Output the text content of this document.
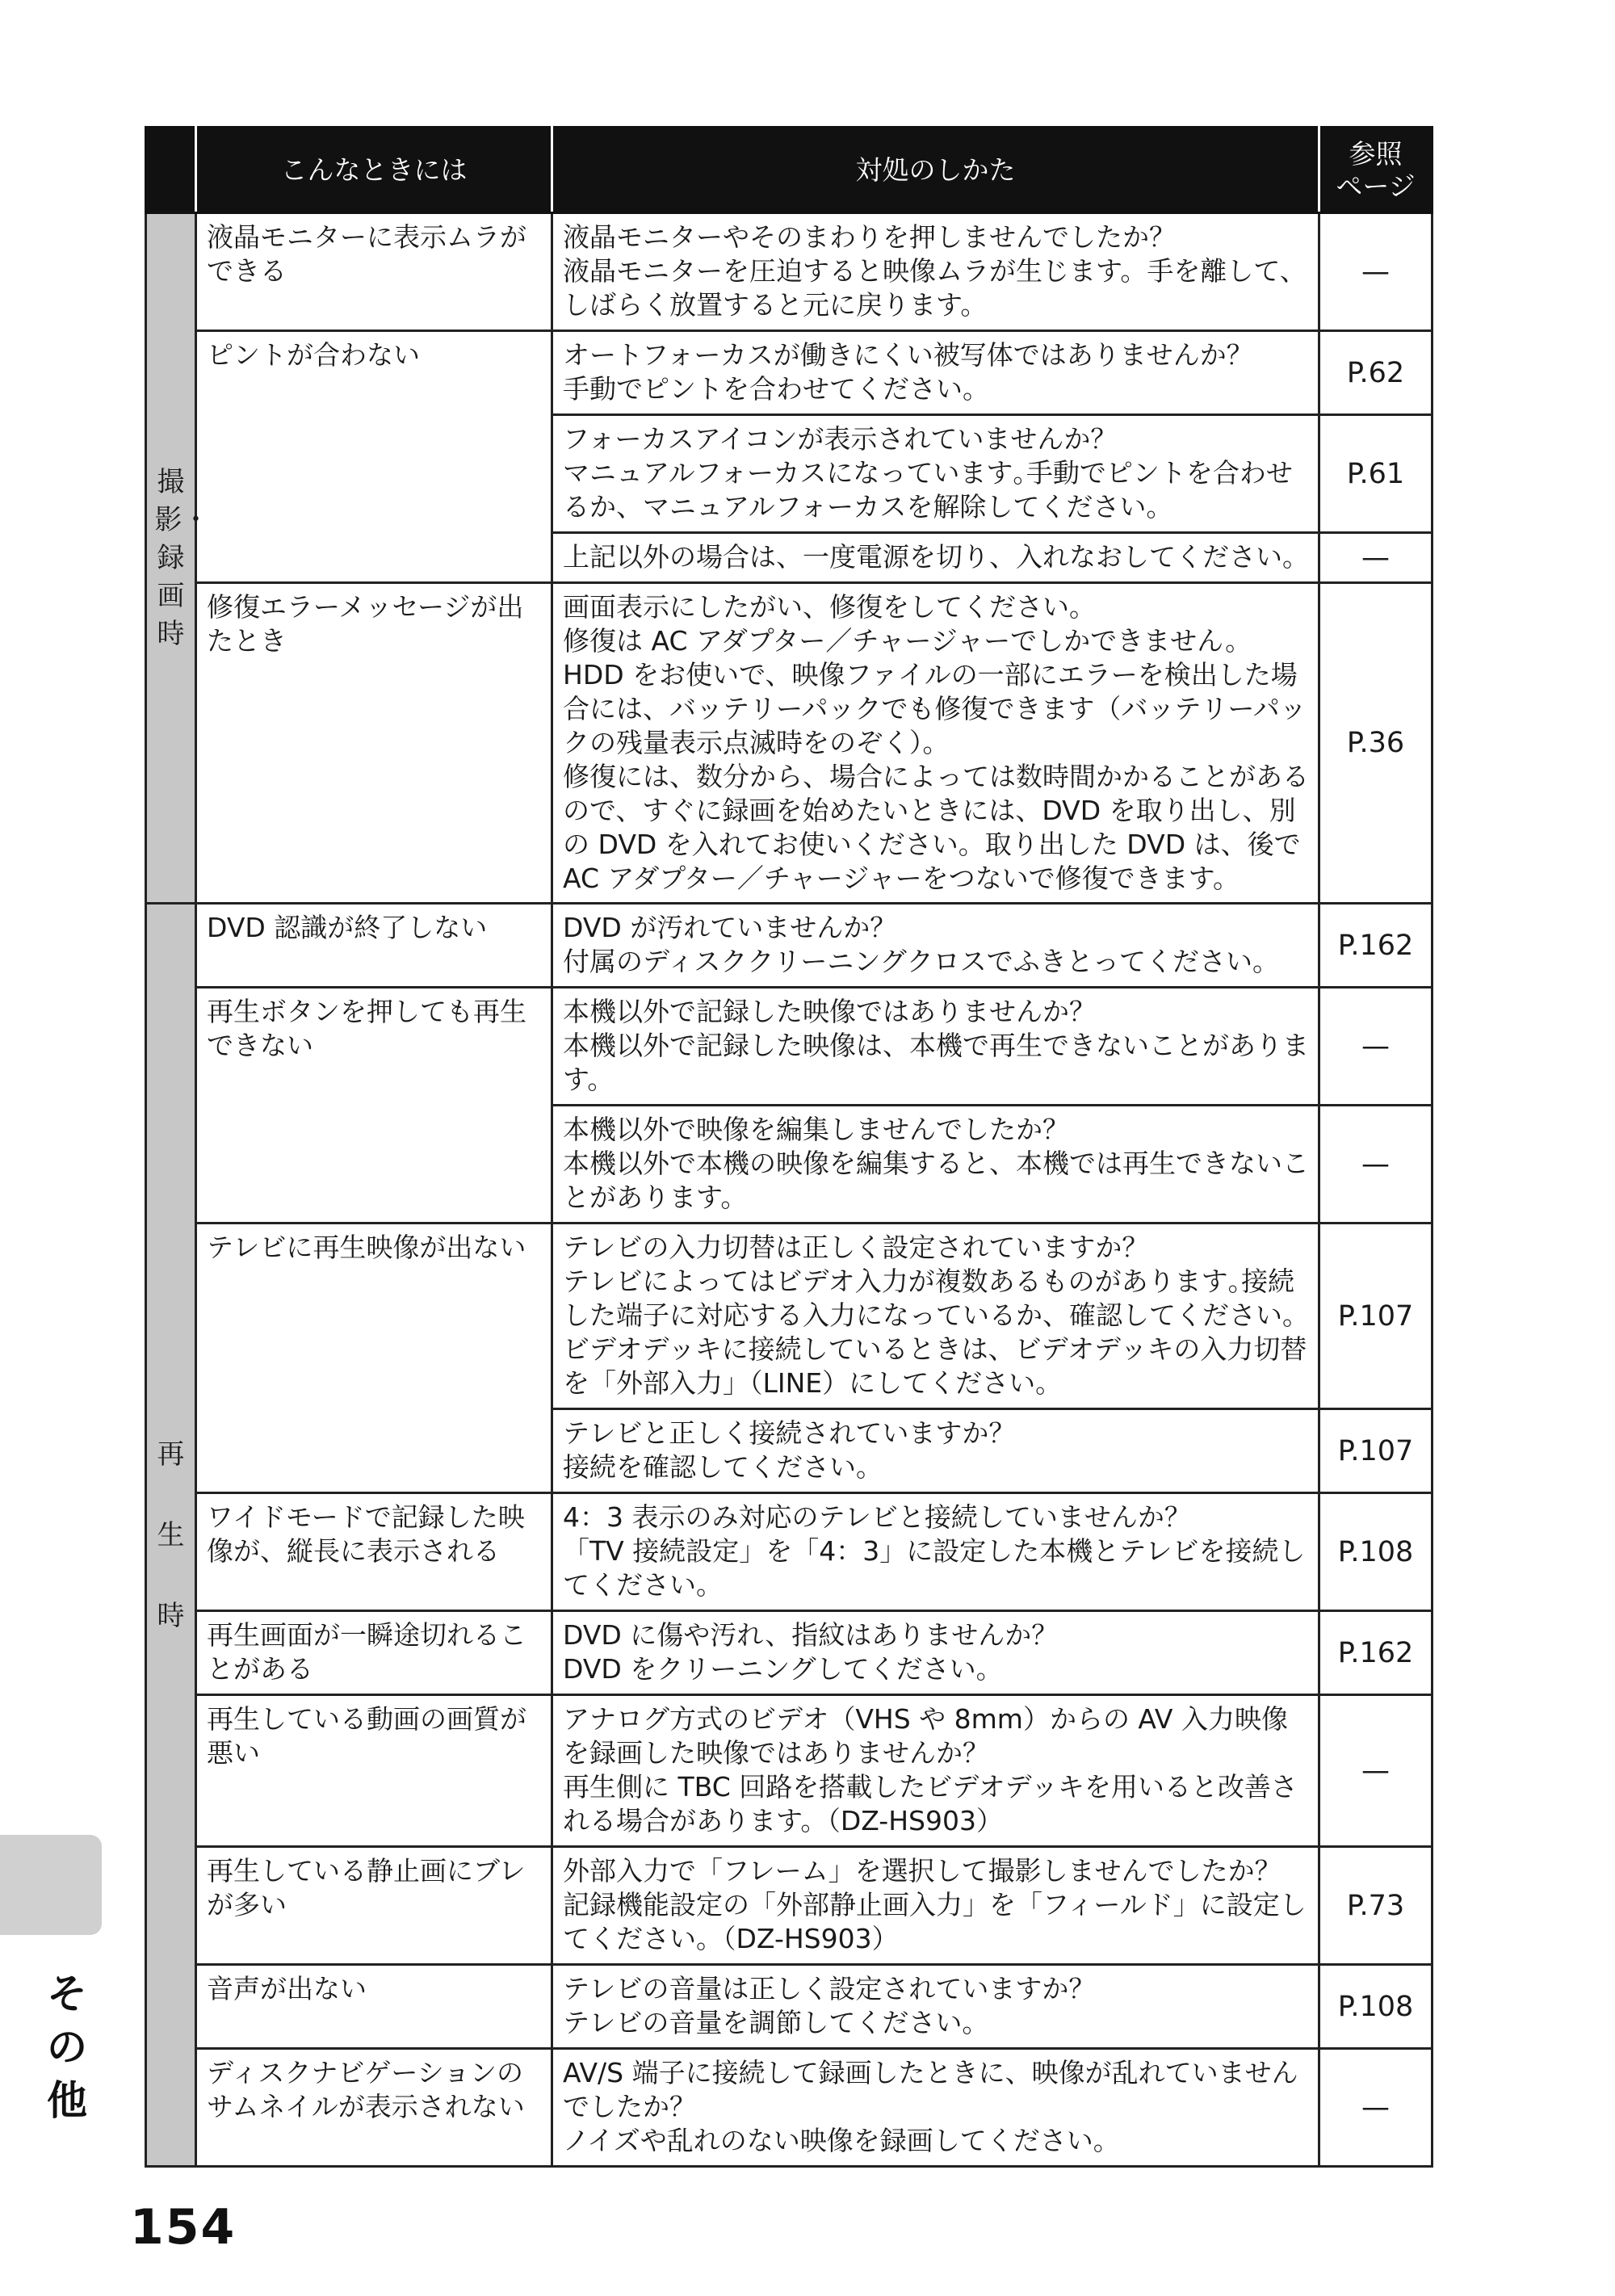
	こんなときには	対処のしかた	参照
ページ

撮影・録画時	液晶モニターに表示ムラができる	液晶モニターやそのまわりを押しませんでしたか？
液晶モニターを圧迫すると映像ムラが生じます。手を離して、しばらく放置すると元に戻ります。	—
	ピントが合わない	オートフォーカスが働きにくい被写体ではありませんか？
手動でピントを合わせてください。	P.62

		フォーカスアイコンが表示されていませんか？
マニュアルフォーカスになっています｡手動でピントを合わせるか、マニュアルフォーカスを解除してください。	P.61

		上記以外の場合は、一度電源を切り、入れなおしてください。	—
	修復エラーメッセージが出たとき	画面表示にしたがい、修復をしてください。
修復は AC アダプター／チャージャーでしかできません。
HDD をお使いで、映像ファイルの一部にエラーを検出した場合には、バッテリーパックでも修復できます（バッテリーパックの残量表示点滅時をのぞく）。
修復には、数分から、場合によっては数時間かかることがあるので、すぐに録画を始めたいときには、DVD を取り出し、別の DVD を入れてお使いください。取り出した DVD は、後で AC アダプター／チャージャーをつないで修復できます。	P.36
再生時	DVD 認識が終了しない	DVD が汚れていませんか？
付属のディスククリーニングクロスでふきとってください。	P.162
	再生ボタンを押しても再生できない	本機以外で記録した映像ではありませんか？
本機以外で記録した映像は、本機で再生できないことがあります。	—

		本機以外で映像を編集しませんでしたか？
本機以外で本機の映像を編集すると、本機では再生できないことがあります。	—
	テレビに再生映像が出ない	テレビの入力切替は正しく設定されていますか？
テレビによってはビデオ入力が複数あるものがあります｡接続した端子に対応する入力になっているか、確認してください。
ビデオデッキに接続しているときは、ビデオデッキの入力切替を「外部入力」（LINE）にしてください。	P.107

		テレビと正しく接続されていますか？
接続を確認してください。	P.107
	ワイドモードで記録した映像が、縦長に表示される	4：3 表示のみ対応のテレビと接続していませんか？
「TV 接続設定」を「4：3」に設定した本機とテレビを接続してください。	P.108
	再生画面が一瞬途切れることがある	DVD に傷や汚れ、指紋はありませんか？
DVD をクリーニングしてください。	P.162
	再生している動画の画質が悪い	アナログ方式のビデオ（VHS や 8mm）からの AV 入力映像を録画した映像ではありませんか？
再生側に TBC 回路を搭載したビデオデッキを用いると改善される場合があります。（DZ-HS903）	—
	再生している静止画にブレが多い	外部入力で「フレーム」を選択して撮影しませんでしたか？
記録機能設定の「外部静止画入力」を「フィールド」に設定してください。（DZ-HS903）	P.73
	音声が出ない	テレビの音量は正しく設定されていますか？
テレビの音量を調節してください。	P.108
	ディスクナビゲーションのサムネイルが表示されない	AV/S 端子に接続して録画したときに、映像が乱れていませんでしたか？
ノイズや乱れのない映像を録画してください。	—
そ
の
他
154
